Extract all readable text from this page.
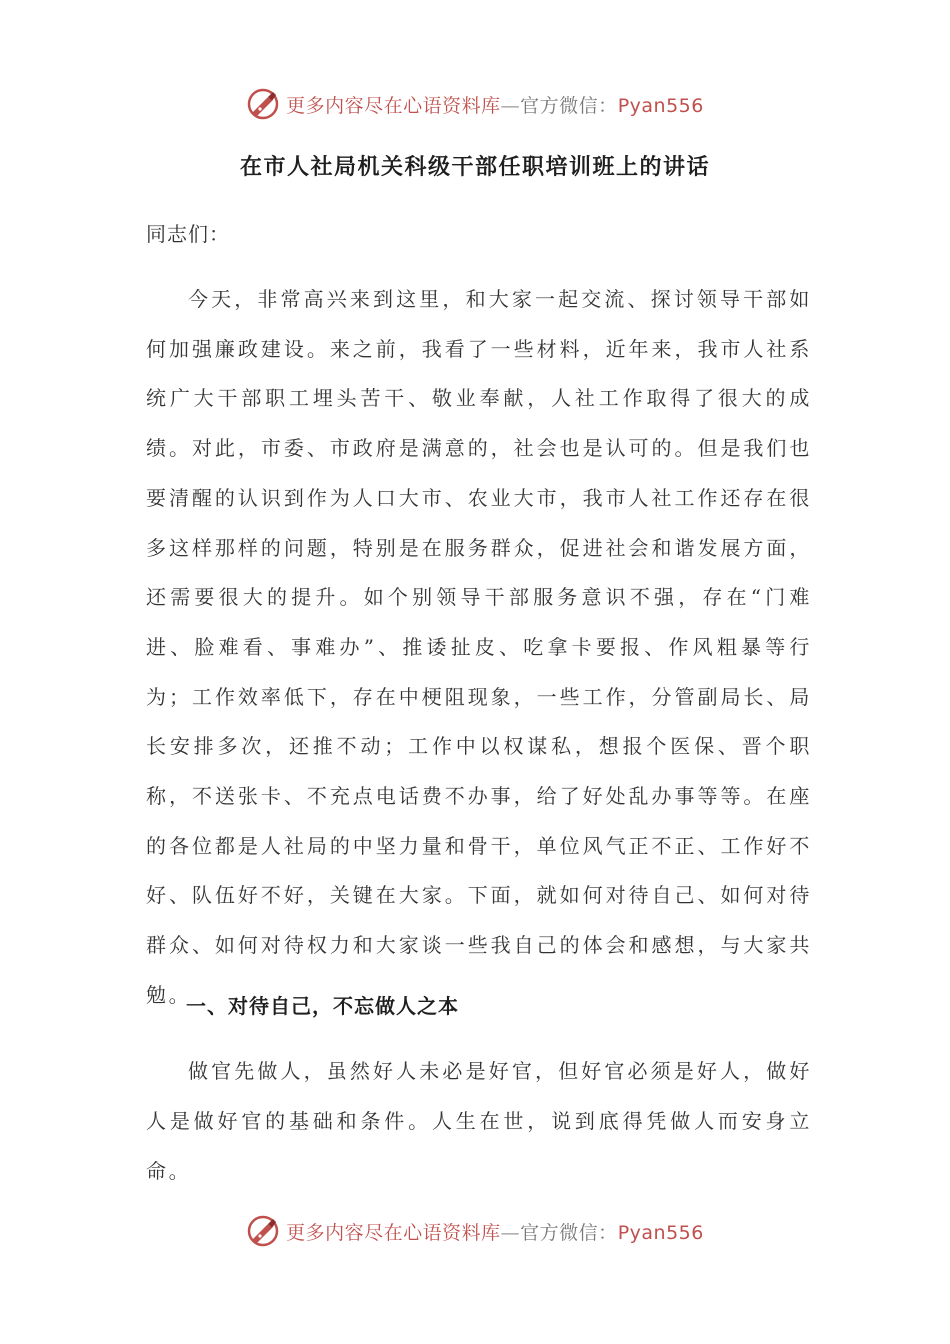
更多内容尽在心语资料库—官方微信：Pyan556
在市人社局机关科级干部任职培训班上的讲话
同志们：

今天，非常高兴来到这里，和大家一起交流、探讨领导干部如何加强廉政建设。来之前，我看了一些材料，近年来，我市人社系统广大干部职工埋头苦干、敬业奉献，人社工作取得了很大的成绩。对此，市委、市政府是满意的，社会也是认可的。但是我们也要清醒的认识到作为人口大市、农业大市，我市人社工作还存在很多这样那样的问题，特别是在服务群众，促进社会和谐发展方面，还需要很大的提升。如个别领导干部服务意识不强，存在“门难进、脸难看、事难办”、推诿扯皮、吃拿卡要报、作风粗暴等行为；工作效率低下，存在中梗阻现象，一些工作，分管副局长、局长安排多次，还推不动；工作中以权谋私，想报个医保、晋个职称，不送张卡、不充点电话费不办事，给了好处乱办事等等。在座的各位都是人社局的中坚力量和骨干，单位风气正不正、工作好不好、队伍好不好，关键在大家。下面，就如何对待自己、如何对待群众、如何对待权力和大家谈一些我自己的体会和感想，与大家共勉。

一、对待自己，不忘做人之本

做官先做人，虽然好人未必是好官，但好官必须是好人，做好人是做好官的基础和条件。人生在世，说到底得凭做人而安身立命。

更多内容尽在心语资料库—官方微信：Pyan556
